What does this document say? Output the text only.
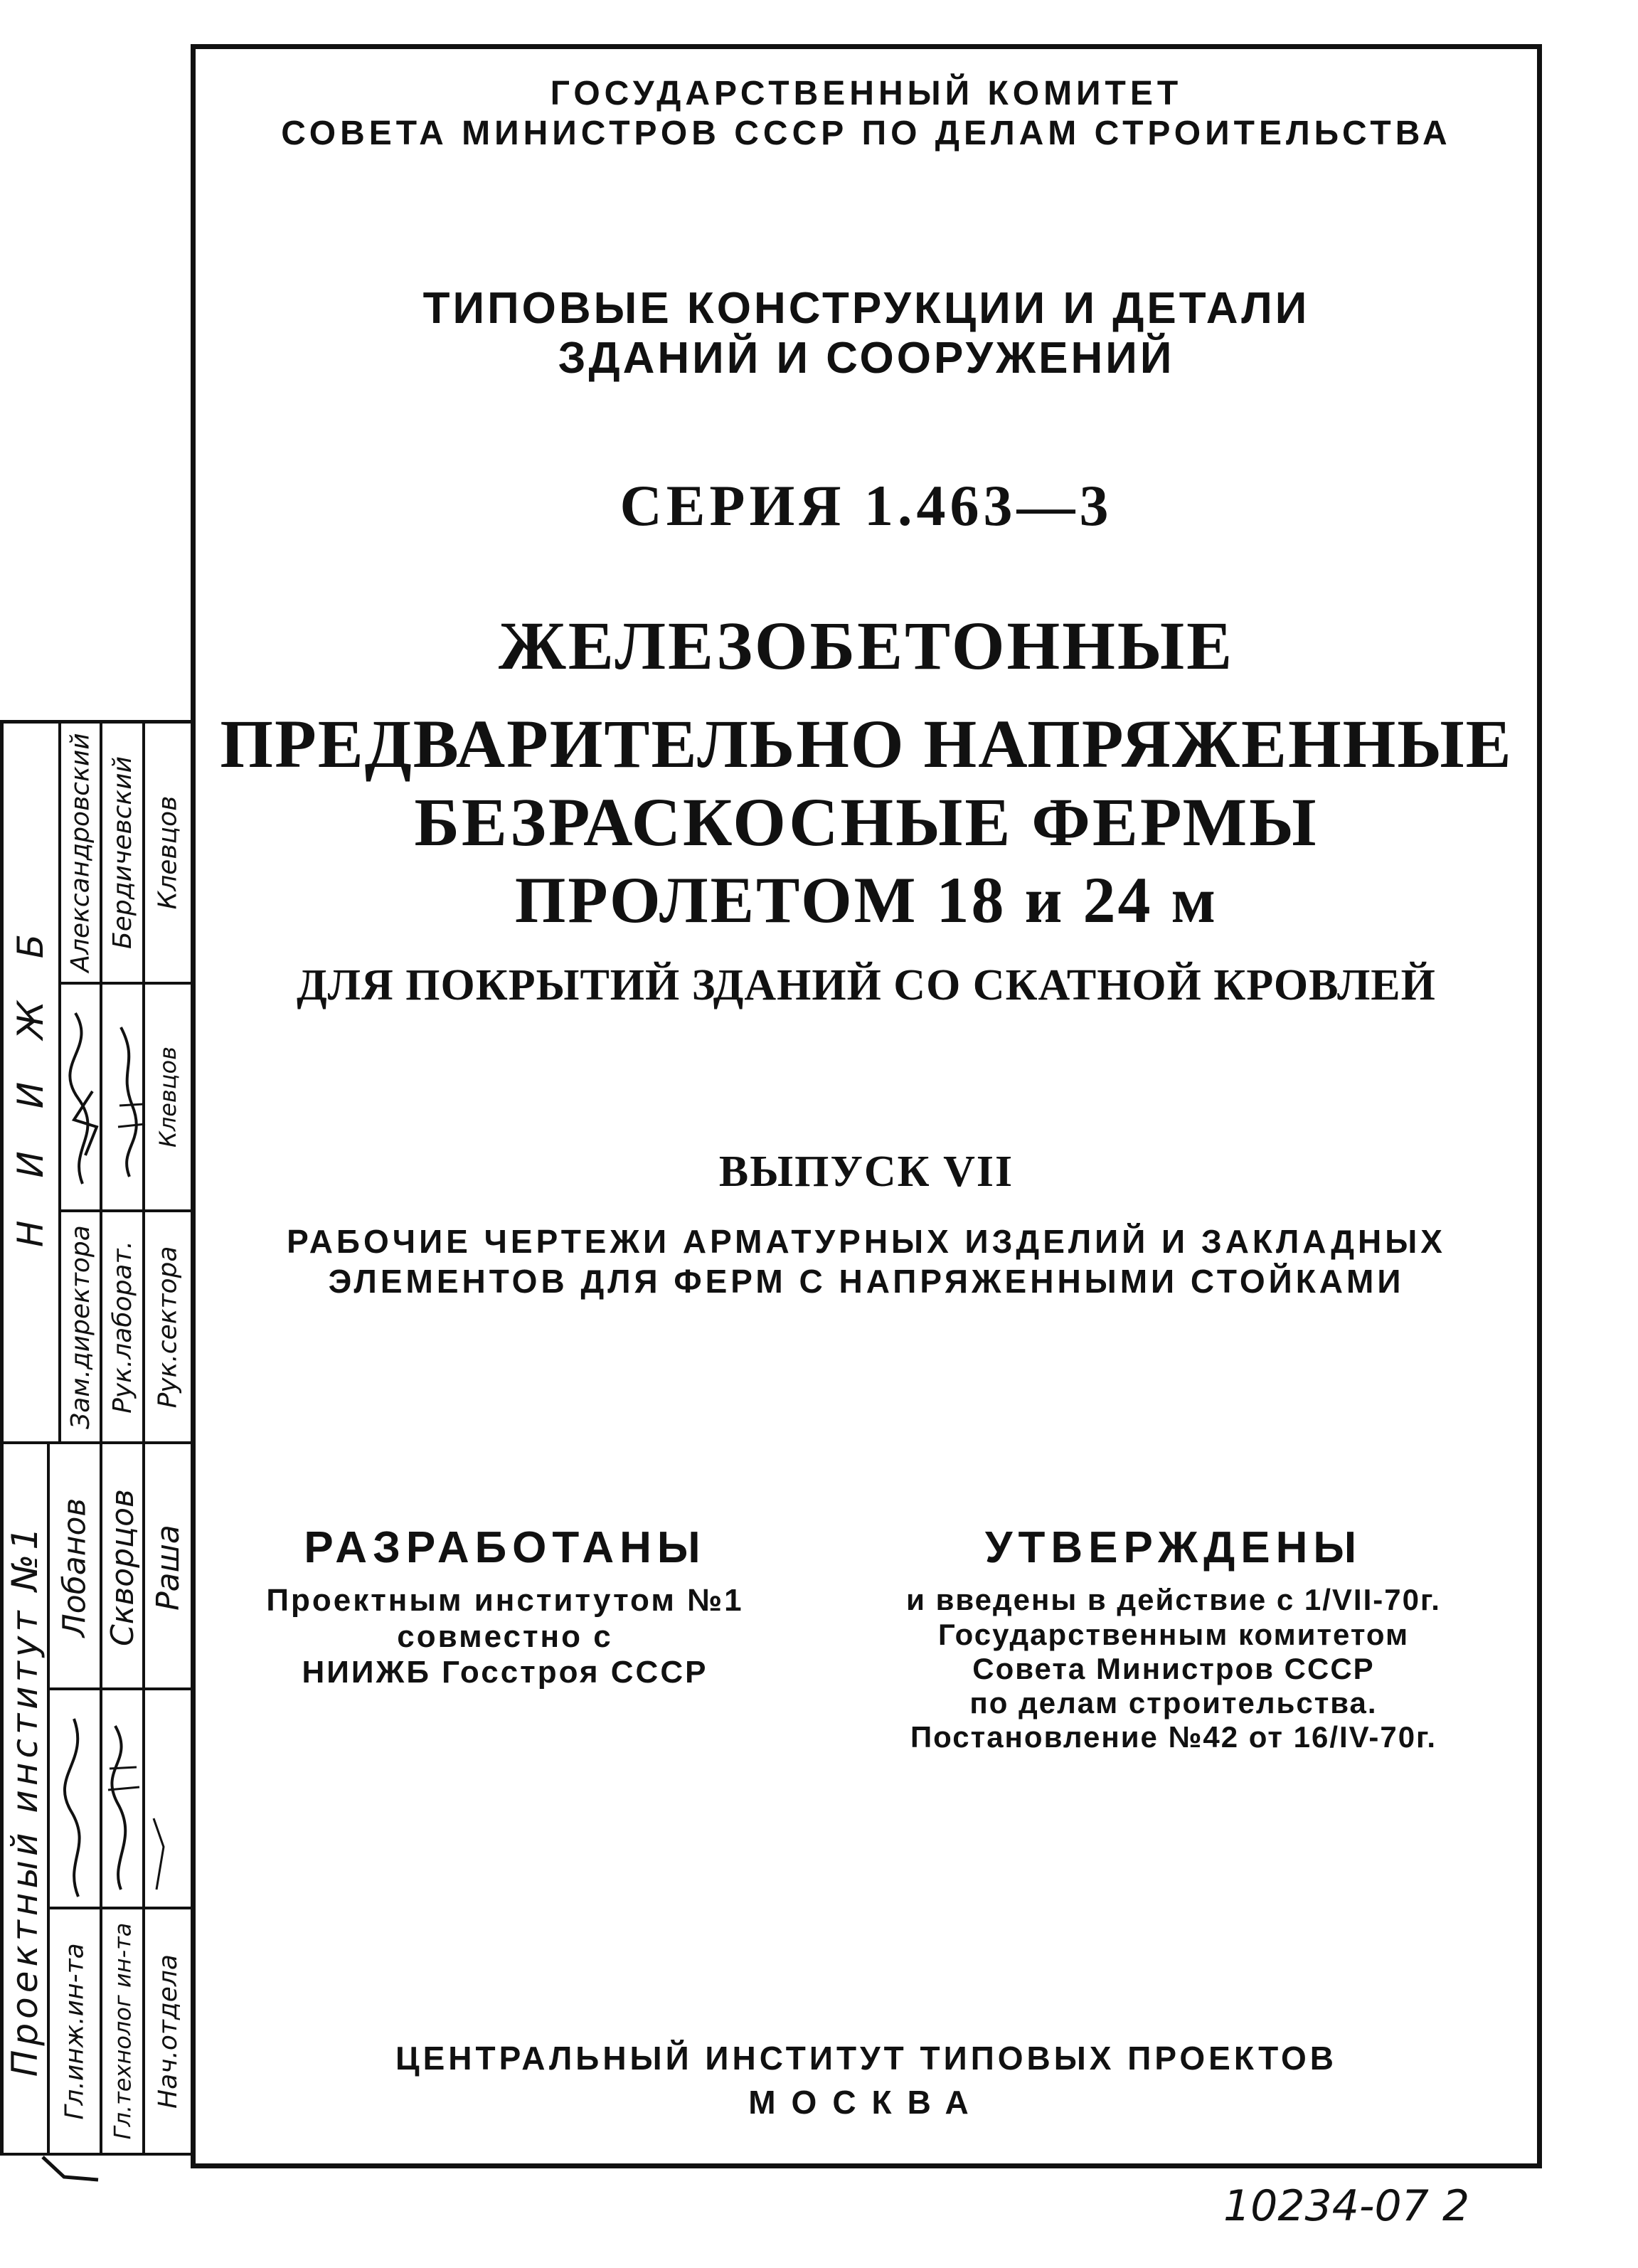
ГОСУДАРСТВЕННЫЙ КОМИТЕТ
СОВЕТА МИНИСТРОВ СССР ПО ДЕЛАМ СТРОИТЕЛЬСТВА
ТИПОВЫЕ КОНСТРУКЦИИ И ДЕТАЛИ
ЗДАНИЙ И СООРУЖЕНИЙ
СЕРИЯ 1.463—3
ЖЕЛЕЗОБЕТОННЫЕ
ПРЕДВАРИТЕЛЬНО НАПРЯЖЕННЫЕ
БЕЗРАСКОСНЫЕ ФЕРМЫ
ПРОЛЕТОМ 18 и 24 м
ДЛЯ ПОКРЫТИЙ ЗДАНИЙ СО СКАТНОЙ КРОВЛЕЙ
ВЫПУСК VII
РАБОЧИЕ ЧЕРТЕЖИ АРМАТУРНЫХ ИЗДЕЛИЙ И ЗАКЛАДНЫХ
ЭЛЕМЕНТОВ ДЛЯ ФЕРМ С НАПРЯЖЕННЫМИ СТОЙКАМИ
РАЗРАБОТАНЫ
Проектным институтом №1
совместно с
НИИЖБ Госстроя СССР
УТВЕРЖДЕНЫ
и введены в действие с 1/VII-70г.
Государственным комитетом
Совета Министров СССР
по делам строительства.
Постановление №42 от 16/IV-70г.
ЦЕНТРАЛЬНЫЙ ИНСТИТУТ ТИПОВЫХ ПРОЕКТОВ
МОСКВА
10234-07 2
Н И И Ж Б
Зам.директора Рук.лаборат. Рук.сектора
Александровский Бердичевский Клевцов
Клевцов
Проектный институт №1 Гл.инж.ин-та Гл.технолог ин-та Нач.отдела
Лобанов Скворцов Раша
